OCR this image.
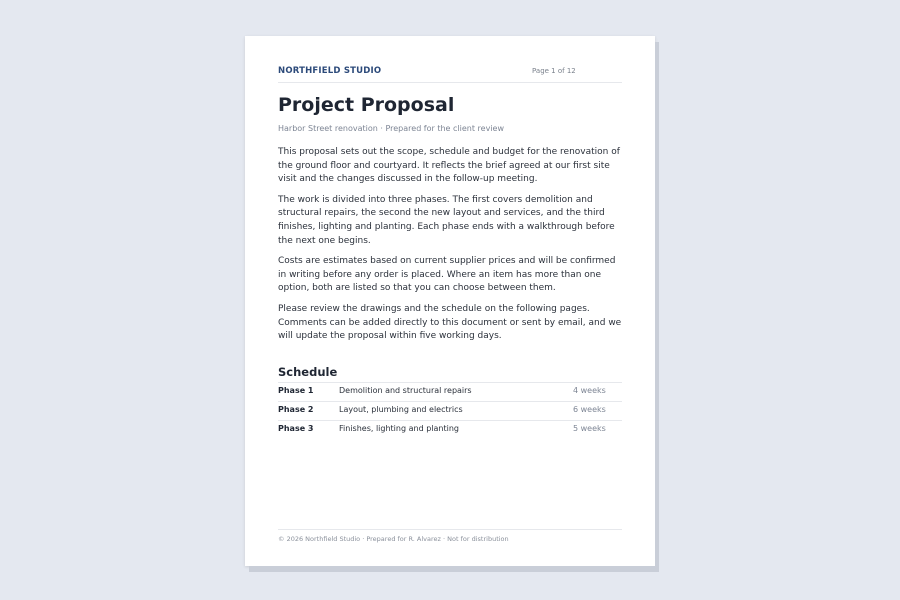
NORTHFIELD STUDIO	Page 1 of 12
Project Proposal
Harbor Street renovation · Prepared for the client review

This proposal sets out the scope, schedule and budget for the renovation of the ground floor and courtyard. It reflects the brief agreed at our first site visit and the changes discussed in the follow-up meeting.

The work is divided into three phases. The first covers demolition and structural repairs, the second the new layout and services, and the third finishes, lighting and planting. Each phase ends with a walkthrough before the next one begins.

Costs are estimates based on current supplier prices and will be confirmed in writing before any order is placed. Where an item has more than one option, both are listed so that you can choose between them.

Please review the drawings and the schedule on the following pages. Comments can be added directly to this document or sent by email, and we will update the proposal within five working days.

Schedule
Phase 1	Demolition and structural repairs	4 weeks
Phase 2	Layout, plumbing and electrics	6 weeks
Phase 3	Finishes, lighting and planting	5 weeks
© 2026 Northfield Studio · Prepared for R. Alvarez · Not for distribution
